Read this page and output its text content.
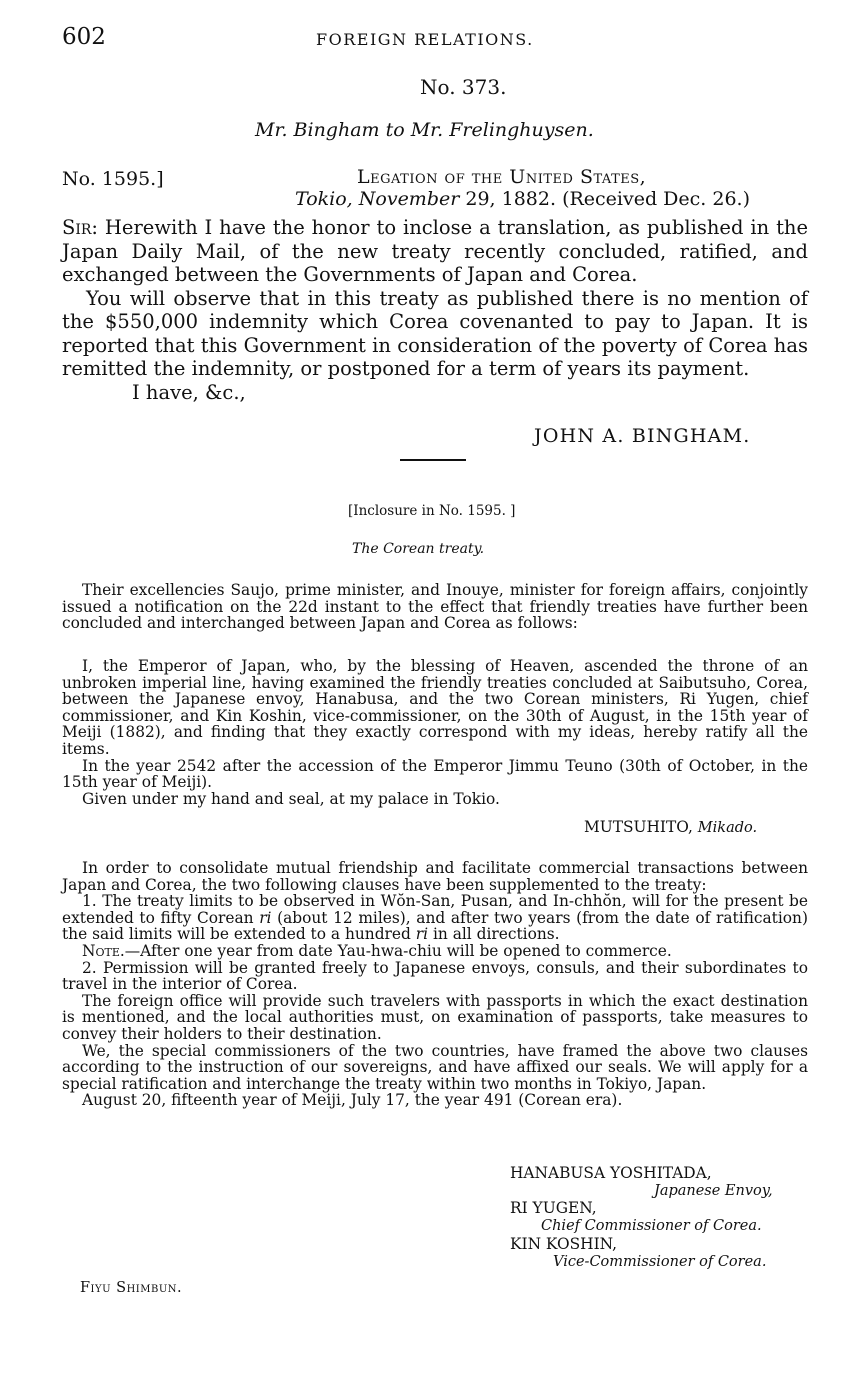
602	FOREIGN RELATIONS.
No. 373.
Mr. Bingham to Mr. Frelinghuysen.
No. 1595.]	Legation of the United States,
Tokio, November 29, 1882. (Received Dec. 26.)

Sir: Herewith I have the honor to inclose a translation, as published in the Japan Daily Mail, of the new treaty recently concluded, ratified, and exchanged between the Governments of Japan and Corea.

You will observe that in this treaty as published there is no mention of the $550,000 indemnity which Corea covenanted to pay to Japan. It is reported that this Government in consideration of the poverty of Corea has remitted the indemnity, or postponed for a term of years its payment.

I have, &c.,

JOHN A. BINGHAM.
[Inclosure in No. 1595. ]
The Corean treaty.

Their excellencies Saujo, prime minister, and Inouye, minister for foreign affairs, conjointly issued a notification on the 22d instant to the effect that friendly treaties have further been concluded and interchanged between Japan and Corea as follows:

I, the Emperor of Japan, who, by the blessing of Heaven, ascended the throne of an unbroken imperial line, having examined the friendly treaties concluded at Saibutsuho, Corea, between the Japanese envoy, Hanabusa, and the two Corean ministers, Ri Yugen, chief commissioner, and Kin Koshin, vice-commissioner, on the 30th of August, in the 15th year of Meiji (1882), and finding that they exactly correspond with my ideas, hereby ratify all the items.

In the year 2542 after the accession of the Emperor Jimmu Teuno (30th of October, in the 15th year of Meiji).

Given under my hand and seal, at my palace in Tokio.

MUTSUHITO, Mikado.

In order to consolidate mutual friendship and facilitate commercial transactions between Japan and Corea, the two following clauses have been supplemented to the treaty:

1. The treaty limits to be observed in Wŏn-San, Pusan, and In-chhŏn, will for the present be extended to fifty Corean ri (about 12 miles), and after two years (from the date of ratification) the said limits will be extended to a hundred ri in all directions.

Note.—After one year from date Yau-hwa-chiu will be opened to commerce.

2. Permission will be granted freely to Japanese envoys, consuls, and their subordinates to travel in the interior of Corea.

The foreign office will provide such travelers with passports in which the exact destination is mentioned, and the local authorities must, on examination of passports, take measures to convey their holders to their destination.

We, the special commissioners of the two countries, have framed the above two clauses according to the instruction of our sovereigns, and have affixed our seals. We will apply for a special ratification and interchange the treaty within two months in Tokiyo, Japan.

August 20, fifteenth year of Meiji, July 17, the year 491 (Corean era).

HANABUSA YOSHITADA,
Japanese Envoy,
RI YUGEN,
Chief Commissioner of Corea.
KIN KOSHIN,
Vice-Commissioner of Corea.
Fiyu Shimbun.
